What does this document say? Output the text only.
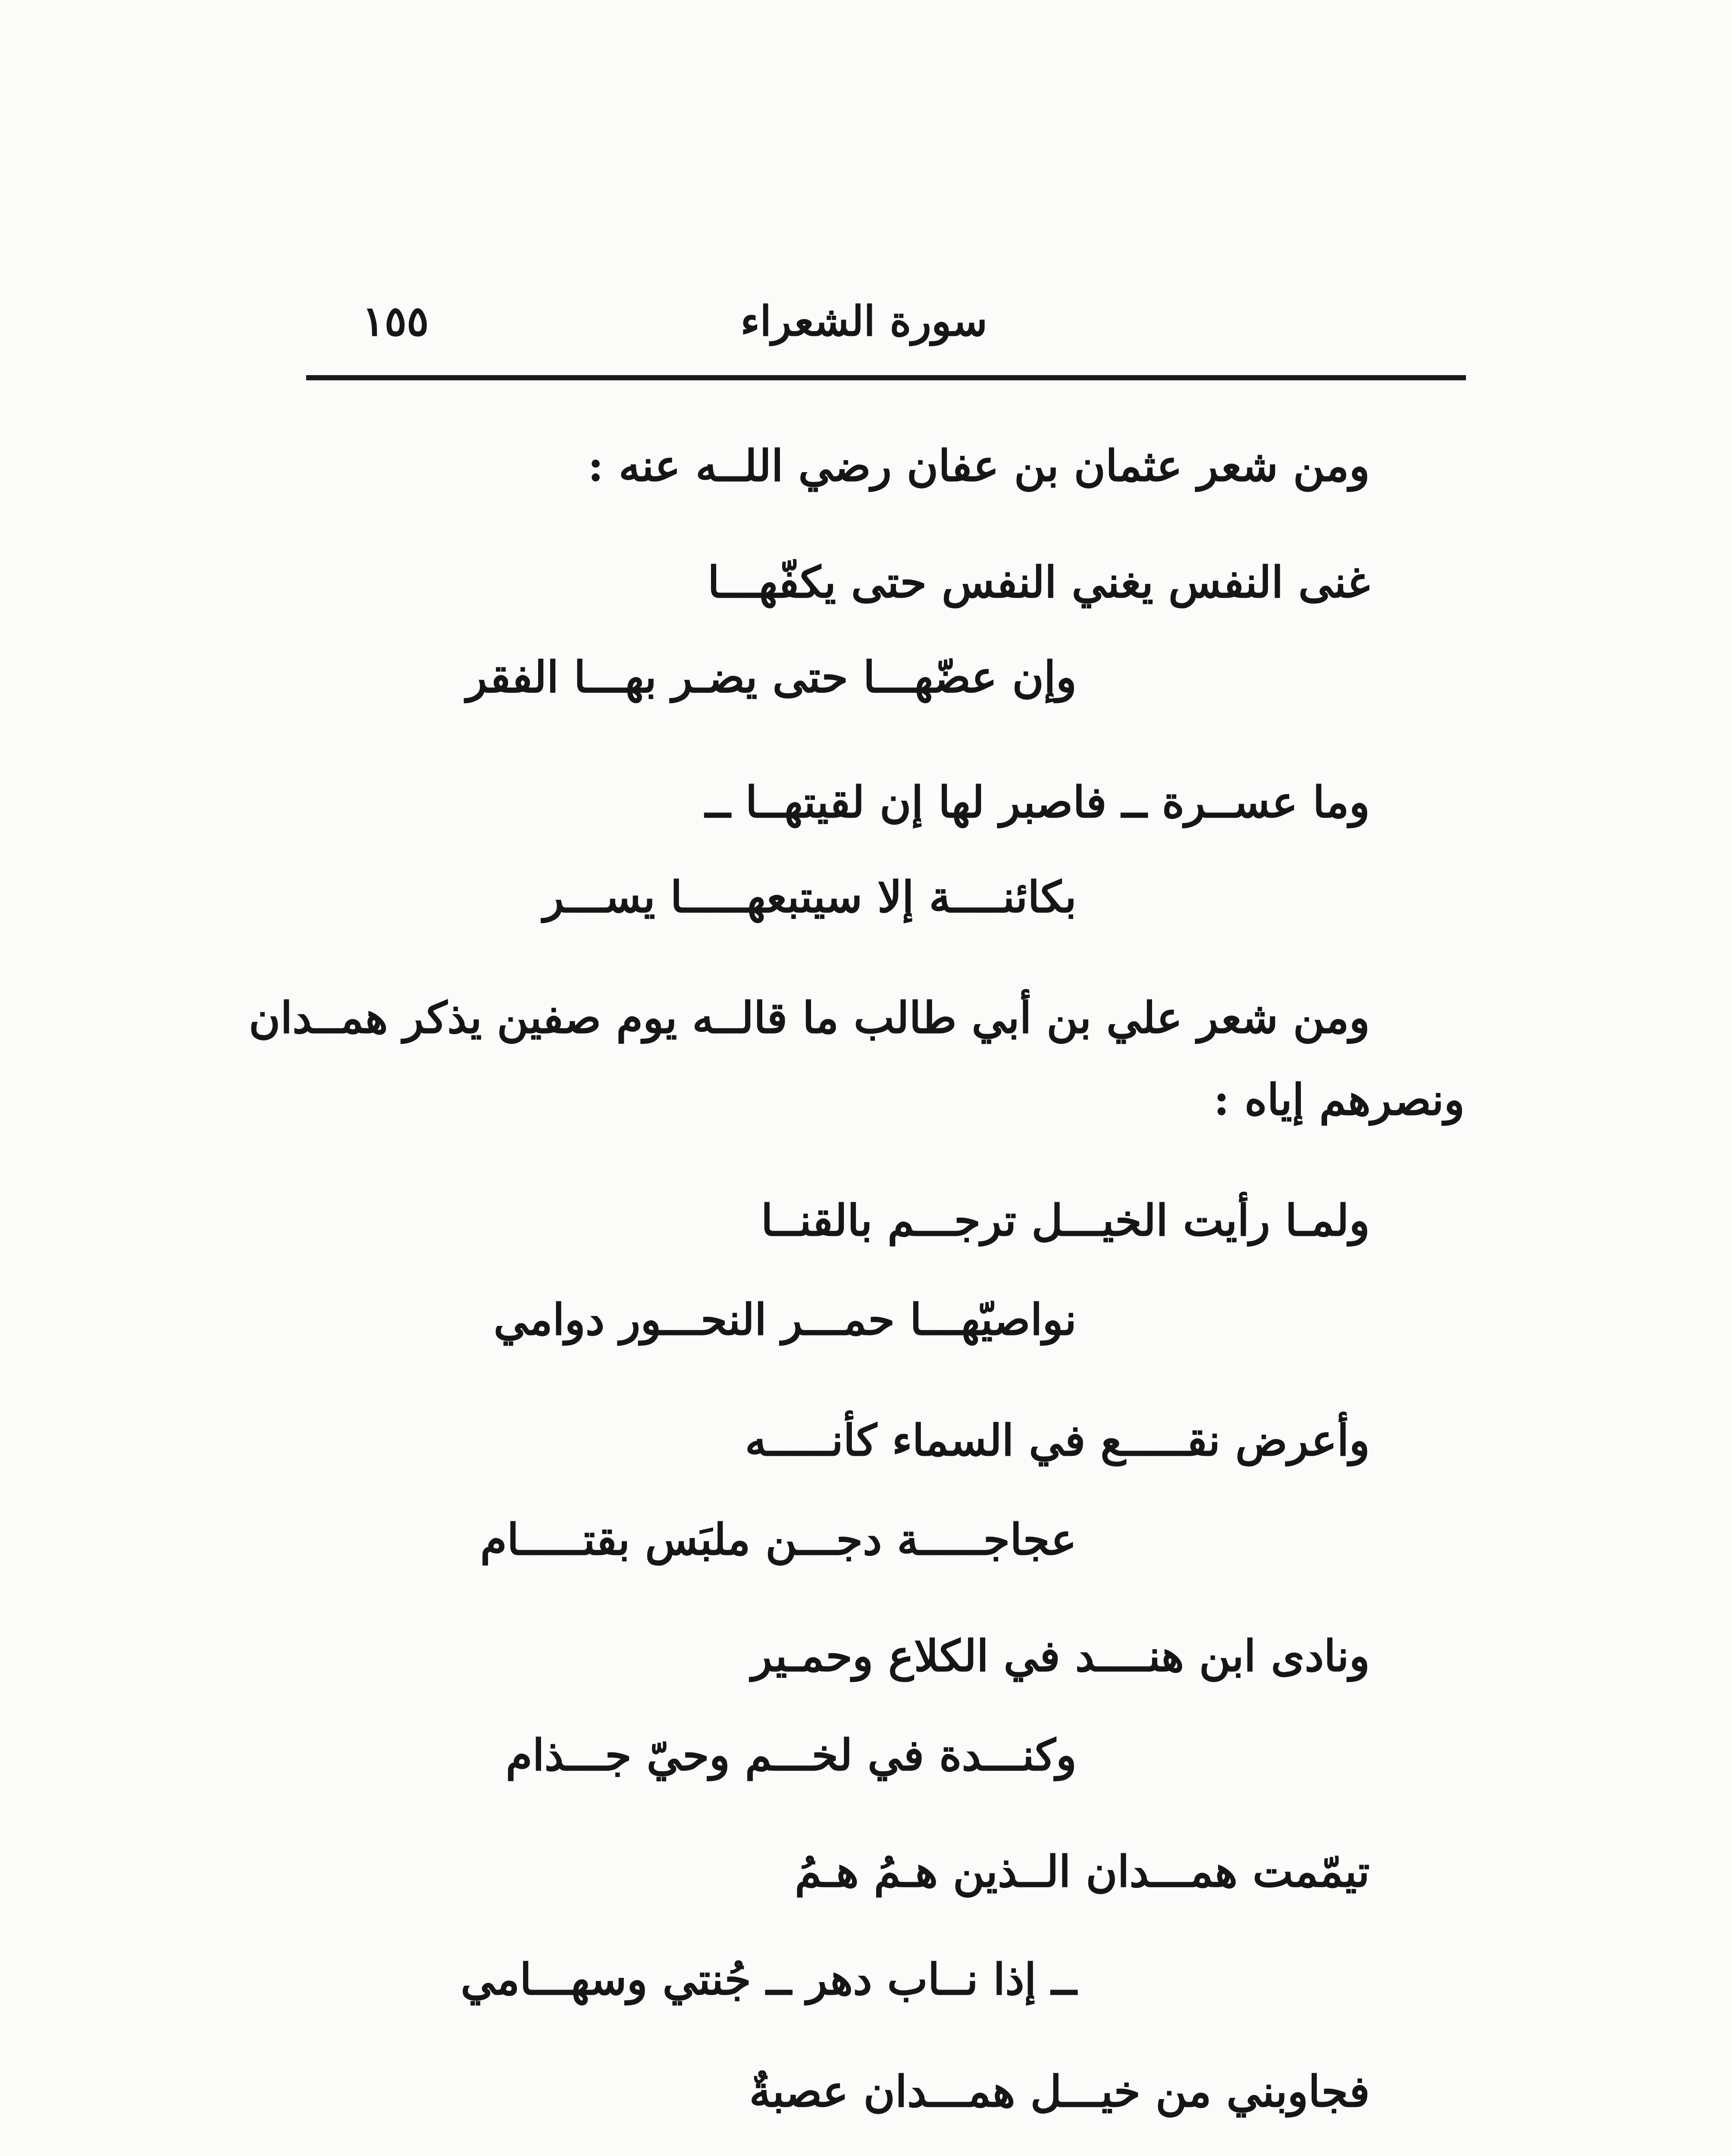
سورة الشعراء
١٥٥
ومن شعر عثمان بن عفان رضي اللــه عنه :
غنى النفس يغني النفس حتى يكفّهـــا
وإن عضّهـــا حتى يضـر بهـــا الفقر
وما عســرة ــ فاصبر لها إن لقيتهــا ــ
بكائنــــة إلا سيتبعهـــــا يســـر
ومن شعر علي بن أبي طالب ما قالــه يوم صفين يذكر همــدان
ونصرهم إياه :
ولمـا رأيت الخيـــل ترجـــم بالقنــا
نواصيّهـــا حمـــر النحـــور دوامي
وأعرض نقـــــع في السماء كأنـــــه
عجاجـــــة دجـــن ملبَس بقتـــــام
ونادى ابن هنــــد في الكلاع وحمـير
وكنـــدة في لخـــم وحيّ جـــذام
تيمّمت همـــدان الــذين هـمُ هـمُ
ــ إذا نــاب دهر ــ جُنتي وسهـــامي
فجاوبني من خيـــل همـــدان عصبةٌ
